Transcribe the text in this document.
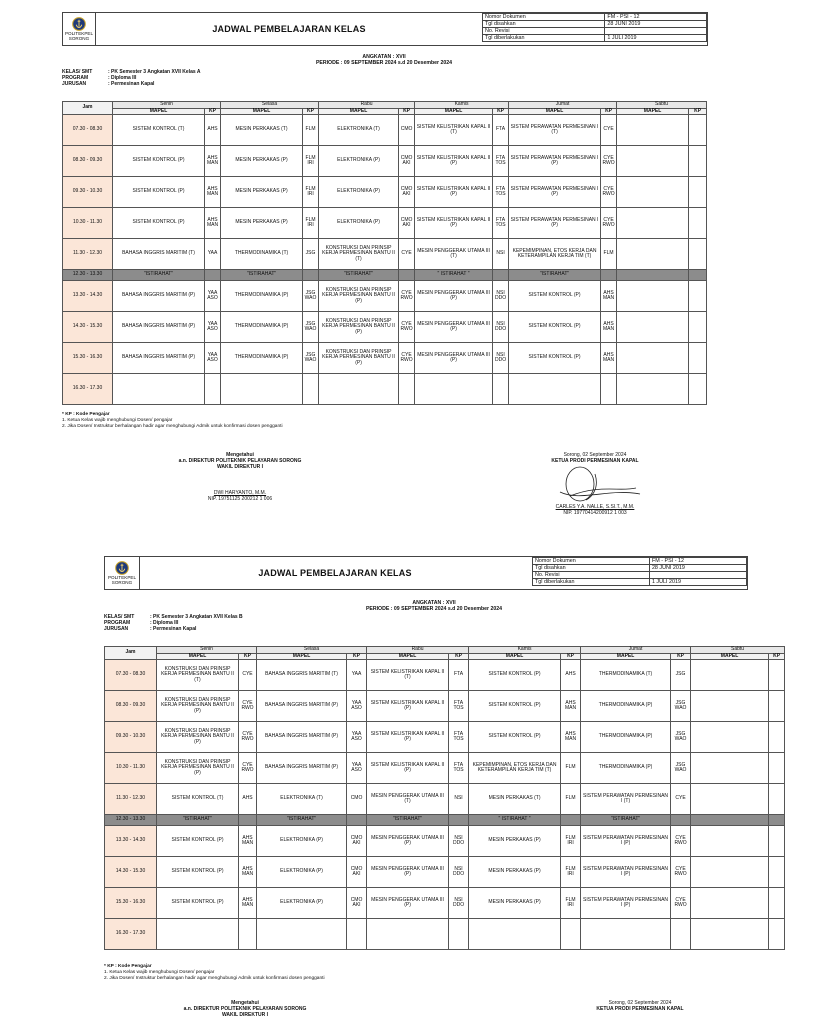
POLITEKPEL
SORONG
JADWAL PEMBELAJARAN KELAS
Nomor Dokumen	FM - PSI - 12
Tgl disahkan	28 JUNI 2019
No. Revisi	
Tgl diberlakukan	1 JULI 2019
ANGKATAN : XVII
PERIODE : 09 SEPTEMBER 2024 s.d 20 Desember 2024
KELAS/ SMT	: PK Semester 3 Angkatan XVII Kelas A
PROGRAM	: Diploma III
JURUSAN	: Permesinan Kapal
Jam	Senin		Selasa		Rabu		Kamis		Jumat		Sabtu	
	MAPEL	KP	MAPEL	KP	MAPEL	KP	MAPEL	KP	MAPEL	KP	MAPEL	KP
07.30 - 08.30	SISTEM KONTROL (T)	AHS	MESIN PERKAKAS (T)	FLM	ELEKTRONIKA (T)	CMO	SISTEM KELISTRIKAN KAPAL II (T)	FTA	SISTEM PERAWATAN PERMESINAN I (T)	CYE		
08.30 - 09.30	SISTEM KONTROL (P)	AHS MAN	MESIN PERKAKAS (P)	FLM IRI	ELEKTRONIKA (P)	CMO AKI	SISTEM KELISTRIKAN KAPAL II (P)	FTA TOS	SISTEM PERAWATAN PERMESINAN I (P)	CYE RWO		
09.30 - 10.30	SISTEM KONTROL (P)	AHS MAN	MESIN PERKAKAS (P)	FLM IRI	ELEKTRONIKA (P)	CMO AKI	SISTEM KELISTRIKAN KAPAL II (P)	FTA TOS	SISTEM PERAWATAN PERMESINAN I (P)	CYE RWO		
10.30 - 11.30	SISTEM KONTROL (P)	AHS MAN	MESIN PERKAKAS (P)	FLM IRI	ELEKTRONIKA (P)	CMO AKI	SISTEM KELISTRIKAN KAPAL II (P)	FTA TOS	SISTEM PERAWATAN PERMESINAN I (P)	CYE RWO		
11.30 - 12.30	BAHASA INGGRIS MARITIM (T)	YAA	THERMODINAMIKA (T)	JSG	KONSTRUKSI DAN PRINSIP KERJA PERMESINAN BANTU II (T)	CYE	MESIN PENGGERAK UTAMA III (T)	NSI	KEPEMIMPINAN, ETOS KERJA DAN KETERAMPILAN KERJA TIM (T)	FLM		
12.30 - 13.30	"ISTIRAHAT"		"ISTIRAHAT"		"ISTIRAHAT"		" ISTIRAHAT "		"ISTIRAHAT"			
13.30 - 14.30	BAHASA INGGRIS MARITIM (P)	YAA ASO	THERMODINAMIKA (P)	JSG WAO	KONSTRUKSI DAN PRINSIP KERJA PERMESINAN BANTU II (P)	CYE RWO	MESIN PENGGERAK UTAMA III (P)	NSI DDO	SISTEM KONTROL (P)	AHS MAN		
14.30 - 15.30	BAHASA INGGRIS MARITIM (P)	YAA ASO	THERMODINAMIKA (P)	JSG WAO	KONSTRUKSI DAN PRINSIP KERJA PERMESINAN BANTU II (P)	CYE RWO	MESIN PENGGERAK UTAMA III (P)	NSI DDO	SISTEM KONTROL (P)	AHS MAN		
15.30 - 16.30	BAHASA INGGRIS MARITIM (P)	YAA ASO	THERMODINAMIKA (P)	JSG WAO	KONSTRUKSI DAN PRINSIP KERJA PERMESINAN BANTU II (P)	CYE RWO	MESIN PENGGERAK UTAMA III (P)	NSI DDO	SISTEM KONTROL (P)	AHS MAN		
16.30 - 17.30												
* KP : Kode Pengajar
1. Ketua Kelas wajib menghubungi Dosen/ pengajar
2. Jika Dosen/ Instruktur berhalangan hadir agar menghubungi Admik untuk konfirmasi dosen pengganti
Mengetahui
a.n. DIREKTUR POLITEKNIK PELAYARAN SORONG
WAKIL DIREKTUR I
DWI HARYANTO, M.M.
NIP. 19751125 200212 1 006
Sorong, 02 September 2024
KETUA PRODI PERMESINAN KAPAL
CARLES Y.A. NALLE, S.SI.T., M.M.
NIP. 19770414200912 1 003
POLITEKPEL
SORONG
JADWAL PEMBELAJARAN KELAS
Nomor Dokumen	FM - PSI - 12
Tgl disahkan	28 JUNI 2019
No. Revisi	
Tgl diberlakukan	1 JULI 2019
ANGKATAN : XVII
PERIODE : 09 SEPTEMBER 2024 s.d 20 Desember 2024
KELAS/ SMT	: PK Semester 3 Angkatan XVII Kelas B
PROGRAM	: Diploma III
JURUSAN	: Permesinan Kapal
Jam	Senin		Selasa		Rabu		Kamis		Jumat		Sabtu	
	MAPEL	KP	MAPEL	KP	MAPEL	KP	MAPEL	KP	MAPEL	KP	MAPEL	KP
07.30 - 08.30	KONSTRUKSI DAN PRINSIP KERJA PERMESINAN BANTU II (T)	CYE	BAHASA INGGRIS MARITIM (T)	YAA	SISTEM KELISTRIKAN KAPAL II (T)	FTA	SISTEM KONTROL (P)	AHS	THERMODINAMIKA (T)	JSG		
08.30 - 09.30	KONSTRUKSI DAN PRINSIP KERJA PERMESINAN BANTU II (P)	CYE RWO	BAHASA INGGRIS MARITIM (P)	YAA ASO	SISTEM KELISTRIKAN KAPAL II (P)	FTA TOS	SISTEM KONTROL (P)	AHS MAN	THERMODINAMIKA (P)	JSG WAO		
09.30 - 10.30	KONSTRUKSI DAN PRINSIP KERJA PERMESINAN BANTU II (P)	CYE RWO	BAHASA INGGRIS MARITIM (P)	YAA ASO	SISTEM KELISTRIKAN KAPAL II (P)	FTA TOS	SISTEM KONTROL (P)	AHS MAN	THERMODINAMIKA (P)	JSG WAO		
10.30 - 11.30	KONSTRUKSI DAN PRINSIP KERJA PERMESINAN BANTU II (P)	CYE RWO	BAHASA INGGRIS MARITIM (P)	YAA ASO	SISTEM KELISTRIKAN KAPAL II (P)	FTA TOS	KEPEMIMPINAN, ETOS KERJA DAN KETERAMPILAN KERJA TIM (T)	FLM	THERMODINAMIKA (P)	JSG WAO		
11.30 - 12.30	SISTEM KONTROL (T)	AHS	ELEKTRONIKA (T)	CMO	MESIN PENGGERAK UTAMA III (T)	NSI	MESIN PERKAKAS (T)	FLM	SISTEM PERAWATAN PERMESINAN I (T)	CYE		
12.30 - 13.30	"ISTIRAHAT"		"ISTIRAHAT"		"ISTIRAHAT"		" ISTIRAHAT "		"ISTIRAHAT"			
13.30 - 14.30	SISTEM KONTROL (P)	AHS MAN	ELEKTRONIKA (P)	CMO AKI	MESIN PENGGERAK UTAMA III (P)	NSI DDO	MESIN PERKAKAS (P)	FLM IRI	SISTEM PERAWATAN PERMESINAN I (P)	CYE RWO		
14.30 - 15.30	SISTEM KONTROL (P)	AHS MAN	ELEKTRONIKA (P)	CMO AKI	MESIN PENGGERAK UTAMA III (P)	NSI DDO	MESIN PERKAKAS (P)	FLM IRI	SISTEM PERAWATAN PERMESINAN I (P)	CYE RWO		
15.30 - 16.30	SISTEM KONTROL (P)	AHS MAN	ELEKTRONIKA (P)	CMO AKI	MESIN PENGGERAK UTAMA III (P)	NSI DDO	MESIN PERKAKAS (P)	FLM IRI	SISTEM PERAWATAN PERMESINAN I (P)	CYE RWO		
16.30 - 17.30												
* KP : Kode Pengajar
1. Ketua Kelas wajib menghubungi Dosen/ pengajar
2. Jika Dosen/ Instruktur berhalangan hadir agar menghubungi Admik untuk konfirmasi dosen pengganti
Mengetahui
a.n. DIREKTUR POLITEKNIK PELAYARAN SORONG
WAKIL DIREKTUR I
Sorong, 02 September 2024
KETUA PRODI PERMESINAN KAPAL
